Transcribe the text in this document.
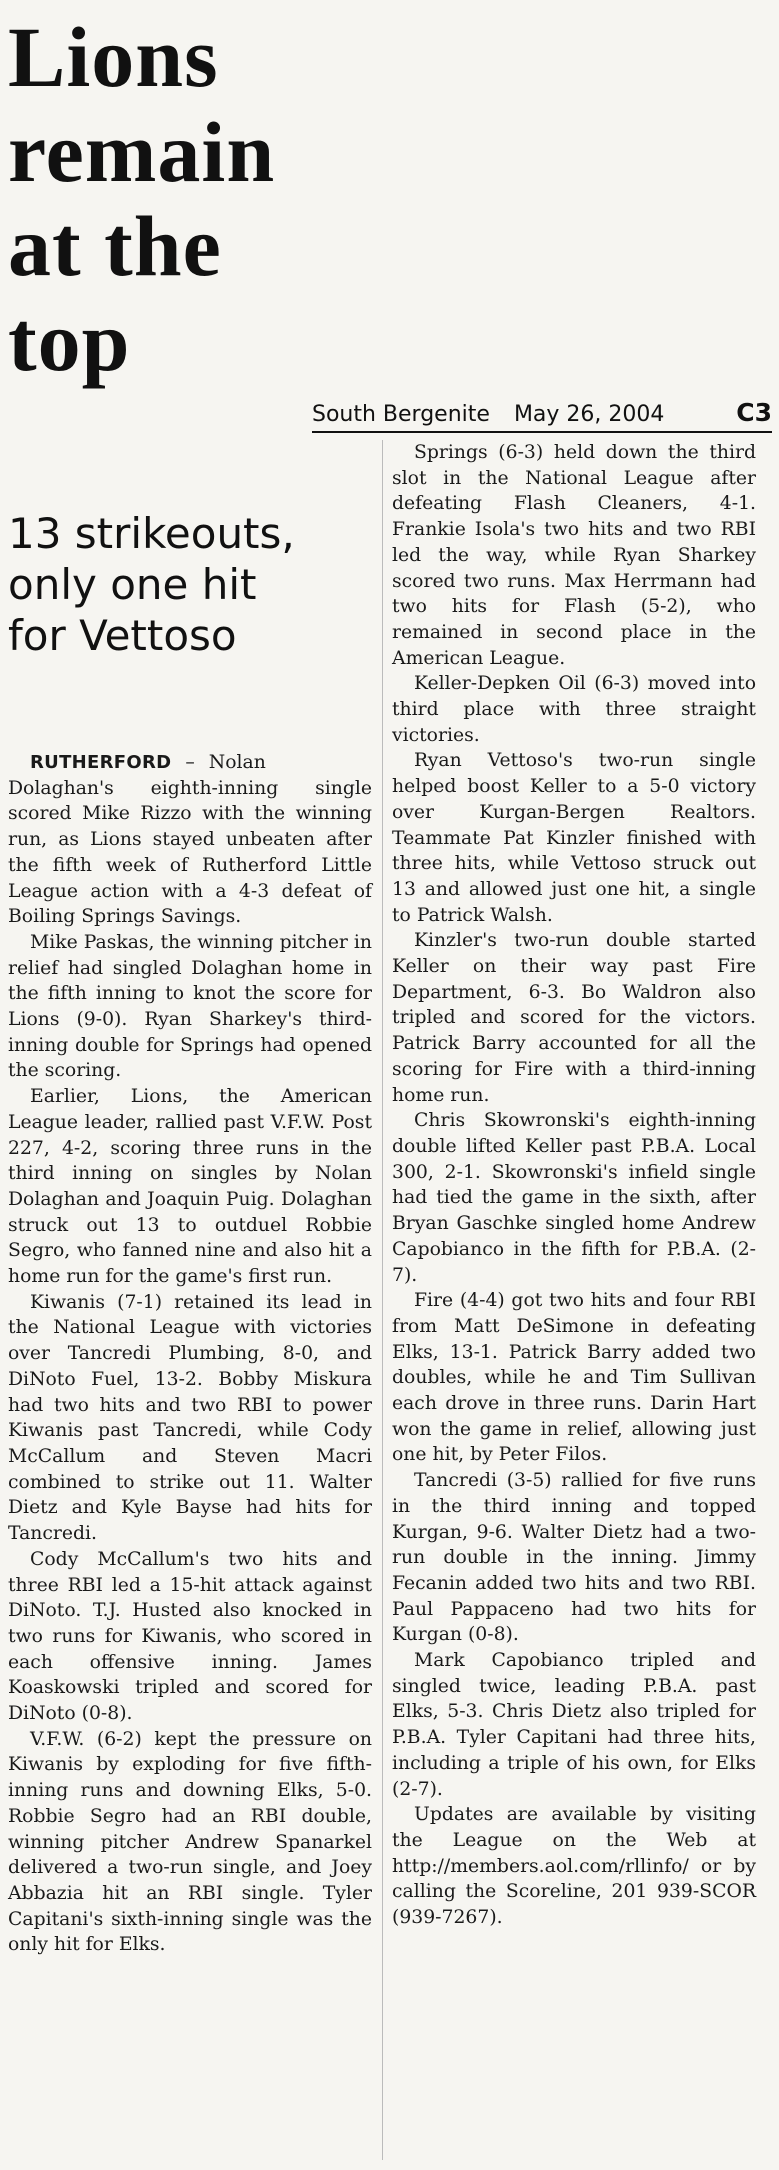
Lions
remain
at the
top
South Bergenite May 26, 2004	C3
13 strikeouts,
only one hit
for Vettoso

RUTHERFORD – Nolan Dolaghan's eighth-inning single scored Mike Rizzo with the winning run, as Lions stayed unbeaten after the fifth week of Rutherford Little League action with a 4-3 defeat of Boiling Springs Savings.

Mike Paskas, the winning pitcher in relief had singled Dolaghan home in the fifth inning to knot the score for Lions (9-0). Ryan Sharkey's third-inning double for Springs had opened the scoring.

Earlier, Lions, the American League leader, rallied past V.F.W. Post 227, 4-2, scoring three runs in the third inning on singles by Nolan Dolaghan and Joaquin Puig. Dolaghan struck out 13 to outduel Robbie Segro, who fanned nine and also hit a home run for the game's first run.

Kiwanis (7-1) retained its lead in the National League with victories over Tancredi Plumbing, 8-0, and DiNoto Fuel, 13-2. Bobby Miskura had two hits and two RBI to power Kiwanis past Tancredi, while Cody McCallum and Steven Macri combined to strike out 11. Walter Dietz and Kyle Bayse had hits for Tancredi.

Cody McCallum's two hits and three RBI led a 15-hit attack against DiNoto. T.J. Husted also knocked in two runs for Kiwanis, who scored in each offensive inning. James Koaskowski tripled and scored for DiNoto (0-8).

V.F.W. (6-2) kept the pressure on Kiwanis by exploding for five fifth-inning runs and downing Elks, 5-0. Robbie Segro had an RBI double, winning pitcher Andrew Spanarkel delivered a two-run single, and Joey Abbazia hit an RBI single. Tyler Capitani's sixth-inning single was the only hit for Elks.

Springs (6-3) held down the third slot in the National League after defeating Flash Cleaners, 4-1. Frankie Isola's two hits and two RBI led the way, while Ryan Sharkey scored two runs. Max Herrmann had two hits for Flash (5-2), who remained in second place in the American League.

Keller-Depken Oil (6-3) moved into third place with three straight victories.

Ryan Vettoso's two-run single helped boost Keller to a 5-0 victory over Kurgan-Bergen Realtors. Teammate Pat Kinzler finished with three hits, while Vettoso struck out 13 and allowed just one hit, a single to Patrick Walsh.

Kinzler's two-run double started Keller on their way past Fire Department, 6-3. Bo Waldron also tripled and scored for the victors. Patrick Barry accounted for all the scoring for Fire with a third-inning home run.

Chris Skowronski's eighth-inning double lifted Keller past P.B.A. Local 300, 2-1. Skowronski's infield single had tied the game in the sixth, after Bryan Gaschke singled home Andrew Capobianco in the fifth for P.B.A. (2-7).

Fire (4-4) got two hits and four RBI from Matt DeSimone in defeating Elks, 13-1. Patrick Barry added two doubles, while he and Tim Sullivan each drove in three runs. Darin Hart won the game in relief, allowing just one hit, by Peter Filos.

Tancredi (3-5) rallied for five runs in the third inning and topped Kurgan, 9-6. Walter Dietz had a two-run double in the inning. Jimmy Fecanin added two hits and two RBI. Paul Pappaceno had two hits for Kurgan (0-8).

Mark Capobianco tripled and singled twice, leading P.B.A. past Elks, 5-3. Chris Dietz also tripled for P.B.A. Tyler Capitani had three hits, including a triple of his own, for Elks (2-7).

Updates are available by visiting the League on the Web at http://members.aol.com/rllinfo/ or by calling the Scoreline, 201 939-SCOR (939-7267).
